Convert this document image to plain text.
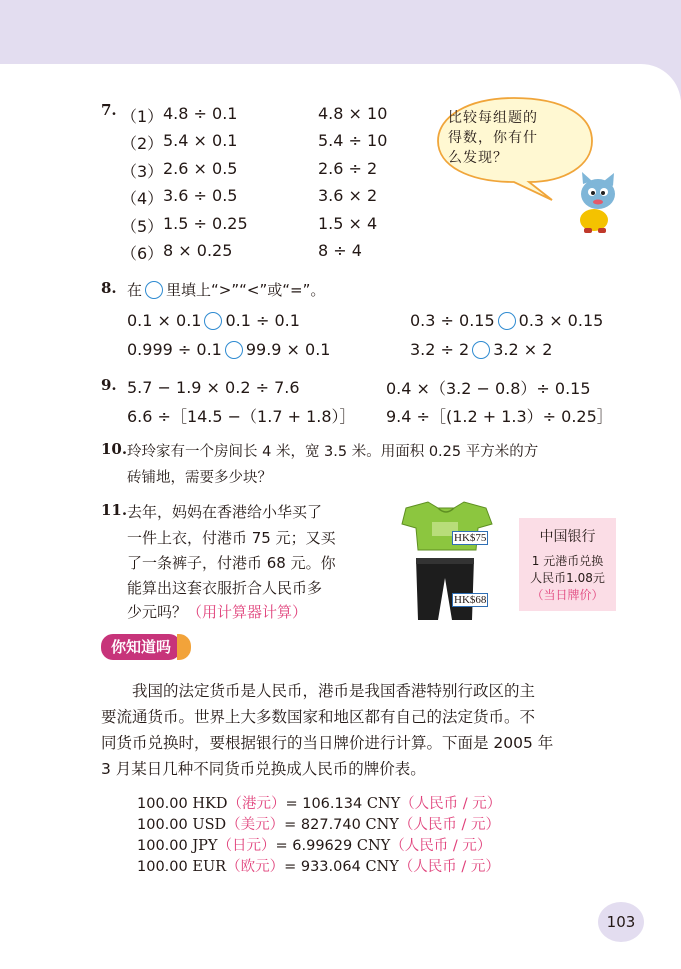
7. （1） 4.8 ÷ 0.1	4.8 × 10
（2） 5.4 × 0.1	5.4 ÷ 10
（3） 2.6 × 0.5	2.6 ÷ 2
（4） 3.6 ÷ 0.5	3.6 × 2
（5） 1.5 ÷ 0.25	1.5 × 4
（6） 8 × 0.25	8 ÷ 4
比较每组题的
得数，你有什
么发现？
8. 在 里填上“>”“<”或“=”。
0.1 × 0.1 0.1 ÷ 0.1	0.3 ÷ 0.15 0.3 × 0.15
0.999 ÷ 0.1 99.9 × 0.1	3.2 ÷ 2 3.2 × 2
9. 5.7 − 1.9 × 0.2 ÷ 7.6	0.4 ×（3.2 − 0.8）÷ 0.15
6.6 ÷［14.5 −（1.7 + 1.8）］ 9.4 ÷［(1.2 + 1.3）÷ 0.25］
10. 玲玲家有一个房间长 4 米，宽 3.5 米。用面积 0.25 平方米的方
砖铺地，需要多少块？
11. 去年，妈妈在香港给小华买了
一件上衣，付港币 75 元；又买
了一条裤子，付港币 68 元。你
能算出这套衣服折合人民币多
少元吗？（用计算器计算）
HK$75
HK$68
中国银行
1 元港币兑换
人民币1.08元
（当日牌价）
你知道吗
我国的法定货币是人民币，港币是我国香港特别行政区的主
要流通货币。世界上大多数国家和地区都有自己的法定货币。不
同货币兑换时，要根据银行的当日牌价进行计算。下面是 2005 年
3 月某日几种不同货币兑换成人民币的牌价表。
100.00 HKD（港元）= 106.134 CNY（人民币 / 元）
100.00 USD（美元）= 827.740 CNY（人民币 / 元）
100.00 JPY（日元）= 6.99629 CNY（人民币 / 元）
100.00 EUR（欧元）= 933.064 CNY（人民币 / 元）
103
